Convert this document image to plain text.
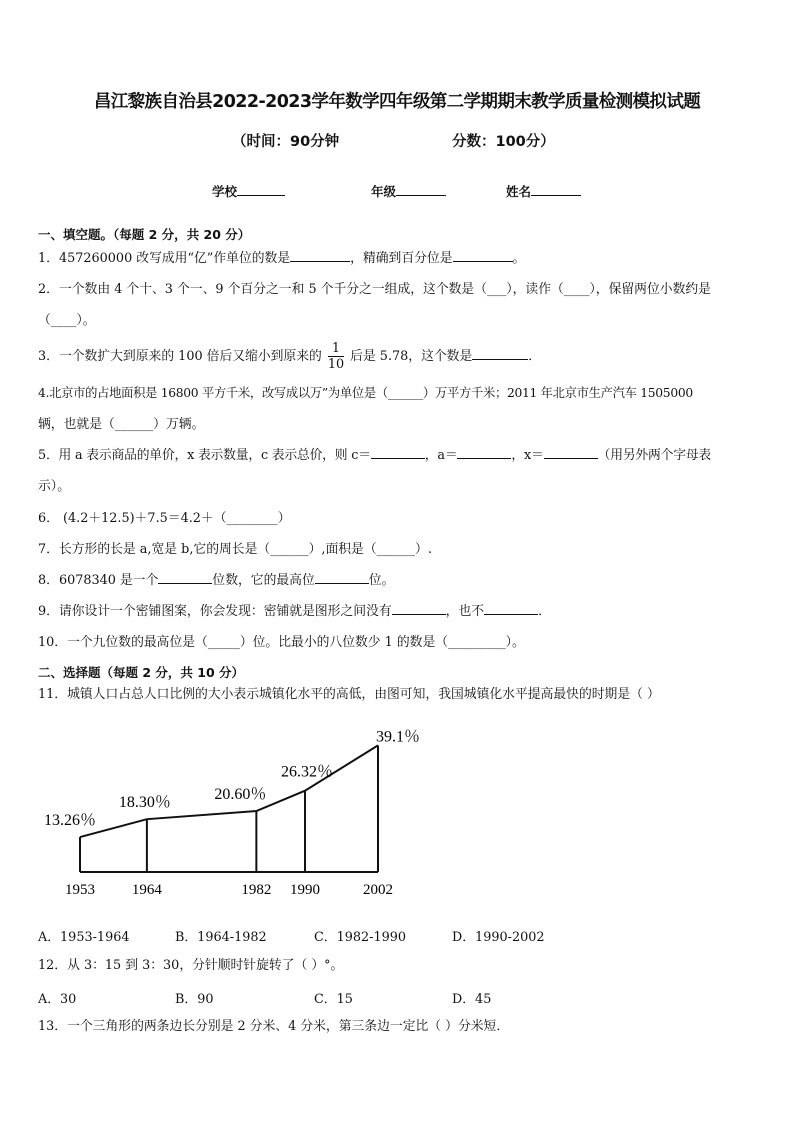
昌江黎族自治县2022-2023学年数学四年级第二学期期末教学质量检测模拟试题
（时间：90分钟	分数：100分）
学校	年级	姓名
一、填空题。（每题 2 分，共 20 分）
1．457260000 改写成用“亿”作单位的数是	，精确到百分位是	。
2．一个数由 4 个十、3 个一、9 个百分之一和 5 个千分之一组成，这个数是（___），读作（____），保留两位小数约是
（____）。
3．一个数扩大到原来的 100 倍后又缩小到原来的 $\frac{1}{10}$ 后是 5.78，这个数是	．
4.北京市的占地面积是 16800 平方千米，改写成以万”为单位是（______）万平方千米；2011 年北京市生产汽车 1505000
辆，也就是（______）万辆。
5．用 a 表示商品的单价，x 表示数量，c 表示总价，则 c＝	，a＝	，x＝	（用另外两个字母表
示）。
6． (4.2＋12.5)＋7.5＝4.2＋（________）
7．长方形的长是 a,宽是 b,它的周长是（______）,面积是（______）.
8．6078340 是一个	位数，它的最高位	位。
9．请你设计一个密铺图案，你会发现：密铺就是图形之间没有	，也不	．
10．一个九位数的最高位是（_____）位。比最小的八位数少 1 的数是（_________）。
二、选择题（每题 2 分，共 10 分）
11．城镇人口占总人口比例的大小表示城镇化水平的高低，由图可知，我国城镇化水平提高最快的时期是（ ）
1953 1964	1982 1990	2002
13.26％
18.30％	20.60％
26.32％
39.1％
A．1953-1964	B．1964-1982	C．1982-1990	D．1990-2002
12．从 3：15 到 3：30，分针顺时针旋转了（ ）°。
A．30	B．90	C．15	D．45
13．一个三角形的两条边长分别是 2 分米、4 分米，第三条边一定比（ ）分米短．
